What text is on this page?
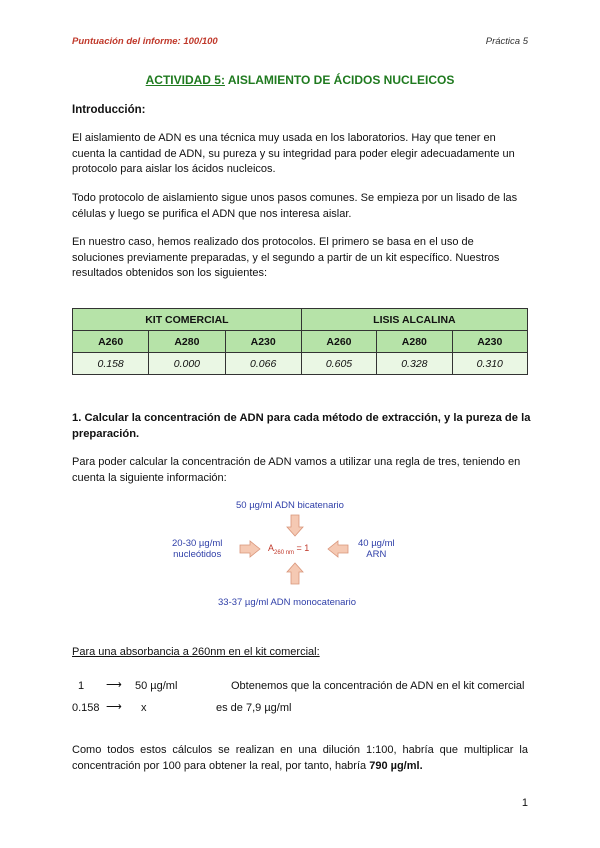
Puntuación del informe: 100/100	Práctica 5
ACTIVIDAD 5: AISLAMIENTO DE ÁCIDOS NUCLEICOS
Introducción:
El aislamiento de ADN es una técnica muy usada en los laboratorios. Hay que tener en cuenta la cantidad de ADN, su pureza y su integridad para poder elegir adecuadamente un protocolo para aislar los ácidos nucleicos.
Todo protocolo de aislamiento sigue unos pasos comunes. Se empieza por un lisado de las células y luego se purifica el ADN que nos interesa aislar.
En nuestro caso, hemos realizado dos protocolos. El primero se basa en el uso de soluciones previamente preparadas, y el segundo a partir de un kit específico. Nuestros resultados obtenidos son los siguientes:
KIT COMERCIAL			LISIS ALCALINA		
A260	A280	A230	A260	A280	A230
0.158	0.000	0.066	0.605	0.328	0.310
1. Calcular la concentración de ADN para cada método de extracción, y la pureza de la preparación.
Para poder calcular la concentración de ADN vamos a utilizar una regla de tres, teniendo en cuenta la siguiente información:
50 µg/ml ADN bicatenario
20-30 µg/ml
nucleótidos
40 µg/ml
ARN
33-37 µg/ml ADN monocatenario
$A_{260 nm} = 1$
Para una absorbancia a 260nm en el kit comercial:
1 ⟶ 50 µg/ml	Obtenemos que la concentración de ADN en el kit comercial
0.158 ⟶ x	es de 7,9 µg/ml
Como todos estos cálculos se realizan en una dilución 1:100, habría que multiplicar la concentración por 100 para obtener la real, por tanto, habría 790 µg/ml.
1
